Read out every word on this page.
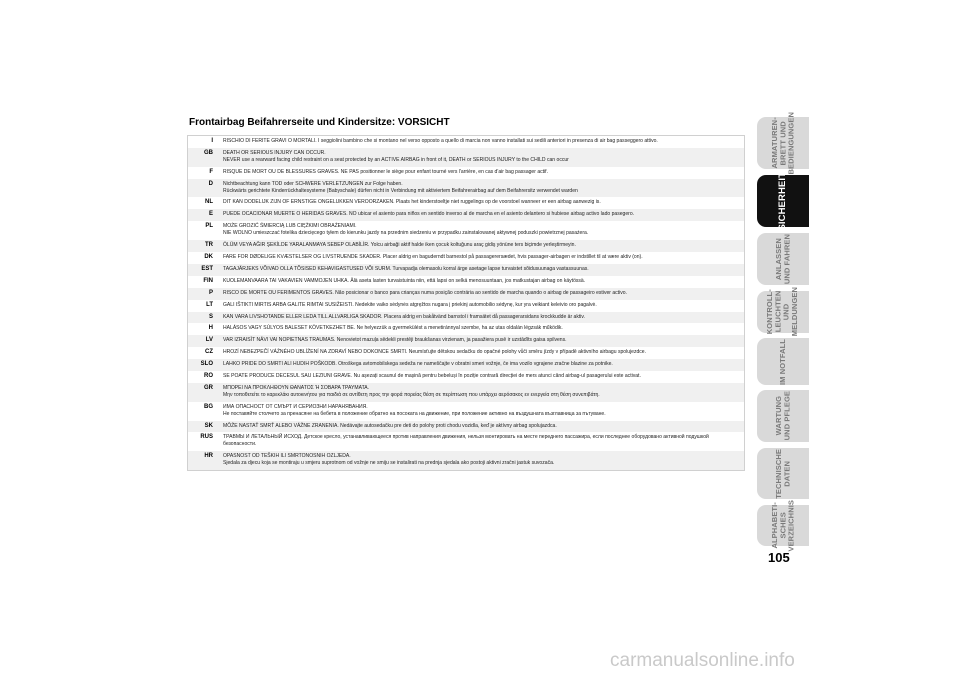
Frontairbag Beifahrerseite und Kindersitze: VORSICHT
I	RISCHIO DI FERITE GRAVI O MORTALI. I seggiolini bambino che si montano nel verso opposto a quello di marcia non vanno installati sui sedili anteriori in presenza di air bag passeggero attivo.
GB	DEATH OR SERIOUS INJURY CAN OCCUR.
NEVER use a rearward facing child restraint on a seat protected by an ACTIVE AIRBAG in front of it, DEATH or SERIOUS INJURY to the CHILD can occur
F	RISQUE DE MORT OU DE BLESSURES GRAVES. NE PAS positionner le siège pour enfant tourné vers l'arrière, en cas d'air bag passager actif.
D	Nichtbeachtung kann TOD oder SCHWERE VERLETZUNGEN zur Folge haben.
Rückwärts gerichtete Kinderrückhaltesysteme (Babyschale) dürfen nicht in Verbindung mit aktiviertem Beifahrerairbag auf dem Beifahrersitz verwendet warden
NL	DIT KAN DODELIJK ZIJN OF ERNSTIGE ONGELUKKEN VEROORZAKEN. Plaats het kinderstoeltje niet ruggelings op de voorstoel wanneer er een airbag aanwezig is.
E	PUEDE OCACIONAR MUERTE O HERIDAS GRAVES. NO ubicar el asiento para niños en sentido inverso al de marcha en el asiento delantero si hubiese airbag activo lado pasegero.
PL	MOŻE GROZIĆ ŚMIERCIĄ LUB CIĘŻKIMI OBRAŻENIAMI.
NIE WOLNO umieszczać fotelika dziecięcego tyłem do kierunku jazdy na przednim siedzeniu w przypadku zainstalowanej aktywnej poduszki powietrznej pasażera.
TR	ÖLÜM VEYA AĞIR ŞEKİLDE YARALANMAYA SEBEP OLABİLİR. Yolcu airbaği aktif halde iken çocuk koltuğunu araç gidiş yönüne ters biçimde yerleştirmeyin.
DK	FARE FOR DØDELIGE KVÆSTELSER OG LIVSTRUENDE SKADER. Placer aldrig en baguderndt barnestol på passagerersædet, hvis passager-airbagen er indstillet til at være aktiv (on).
EST	TAGAJÄRJEKS VÕIVAD OLLA TÕSISED KEHAVIGASTUSED VÕI SURM. Turvapadja olemasolu korral ärge asetage lapse turvaistet sõidusuunaga vastassuunas.
FIN	KUOLEMANVAARA TAI VAKAVIEN VAMMOJEN UHKA. Älä aseta lasten turvaistuinta niin, että lapsi on selkä menosuuntaan, jos matkustajan airbag on käytössä.
P	RISCO DE MORTE OU FERIMENTOS GRAVES. Não posicionar o banco para crianças numa posição contrária ao sentido de marcha quando o airbag de passageiro estiver activo.
LT	GALI IŠTIKTI MIRTIS ARBA GALITE RIMTAI SUSIŽEISTI. Nedekite vaiko sėdynės atgręžtos nugara į priekinį automobilio sėdynę, kur yra veikiant keleivio oro pagalvė.
S	KAN VARA LIVSHOTANDE ELLER LEDA TILL ALLVARLIGA SKADOR. Placera aldrig en bakåtvänd barnstol i framsätet då passagerarsidans krockkudde är aktiv.
H	HALÁSOS VAGY SÚLYOS BALESET KÖVETKEZHET BE. Ne helyezzük a gyermekülést a menetiránnyal szembe, ha az utas oldalán légzsák működik.
LV	VAR IZRAISĪT NĀVI VAI NOPIETNAS TRAUMAS. Nenovietot mazuļa sēdekli prestēji braukšanas virzienam, ja pasažiera pusē ir uzstādīts gaisa spilvens.
CZ	HROZÍ NEBEZPEČÍ VÁŽNÉHO UBLÍŽENÍ NA ZDRAVÍ NEBO DOKONCE SMRTI. Neumísťujte dětskou sedačku do opačné polohy vůči směru jízdy v případě aktivního airbagu spolujezdce.
SLO	LAHKO PRIDE DO SMRTI ALI HUDIH POŠKODB. Otroškega avtomobilskega sedeža ne nameščajte v obratni smeri vožnje, če ima vozilo vgrajene zračne blazine za potnike.
RO	SE POATE PRODUCE DECESUL SAU LEZIUNI GRAVE. Nu așezați scaunul de mașină pentru bebeluși în poziție contrară direcției de mers atunci când airbag-ul pasagerului este activat.
GR	ΜΠΟΡΕΙ ΝΑ ΠΡΟΚΛΗΘΟΥΝ ΘΑΝΑΤΟΣ Ή ΣΟΒΑΡΑ ΤΡΑΥΜΑΤΑ.
Μην τοποθετείτε το καρεκλάκι αυτοκινήτου για παιδιά σε αντίθετη προς την φορά πορείας θέση σε περίπτωση που υπάρχει αερόσακος εν ενεργεία στη θέση συνεπιβάτη.
BG	ИМА ОПАСНОСТ ОТ СМЪРТ И СЕРИОЗНИ НАРАНЯВАНИЯ.
Не поставяйте столчето за пренасяне на бебета в положение обратно на посоката на движение, при положение активно на въздушната възглавница за пътуване.
SK	MÔŽE NASTAŤ SMRŤ ALEBO VÁŽNE ZRANENIA. Nedávajte autosedačku pre deti do polohy proti chodu vozidla, keď je aktívny airbag spolujazdca.
RUS	ТРАВМЫ И ЛЕТАЛЬНЫЙ ИСХОД. Детское кресло, устанавливающееся против направления движения, нельзя монтировать на месте переднего пассажира, если последнее оборудовано активной подушкой безопасности.
HR	OPASNOST OD TEŠKIH ILI SMRTONOSNIH OZLJEDA.
Sjedala za djecu koja se montiraju u smjeru suprotnom od vožnje ne smiju se instalirati na prednja sjedala ako postoji aktivni zračni jastuk suvozača.
ARMATUREN-
BRETT UND
BEDIENGUNGEN
SICHERHEIT
ANLASSEN
UND FAHREN
KONTROLL-
LEUCHTEN UND
MELDUNGEN
IM NOTFALL
WARTUNG
UND PFLEGE
TECHNISCHE
DATEN
ALPHABETI-
SCHES
VERZEICHNIS
105
carmanualsonline.info
